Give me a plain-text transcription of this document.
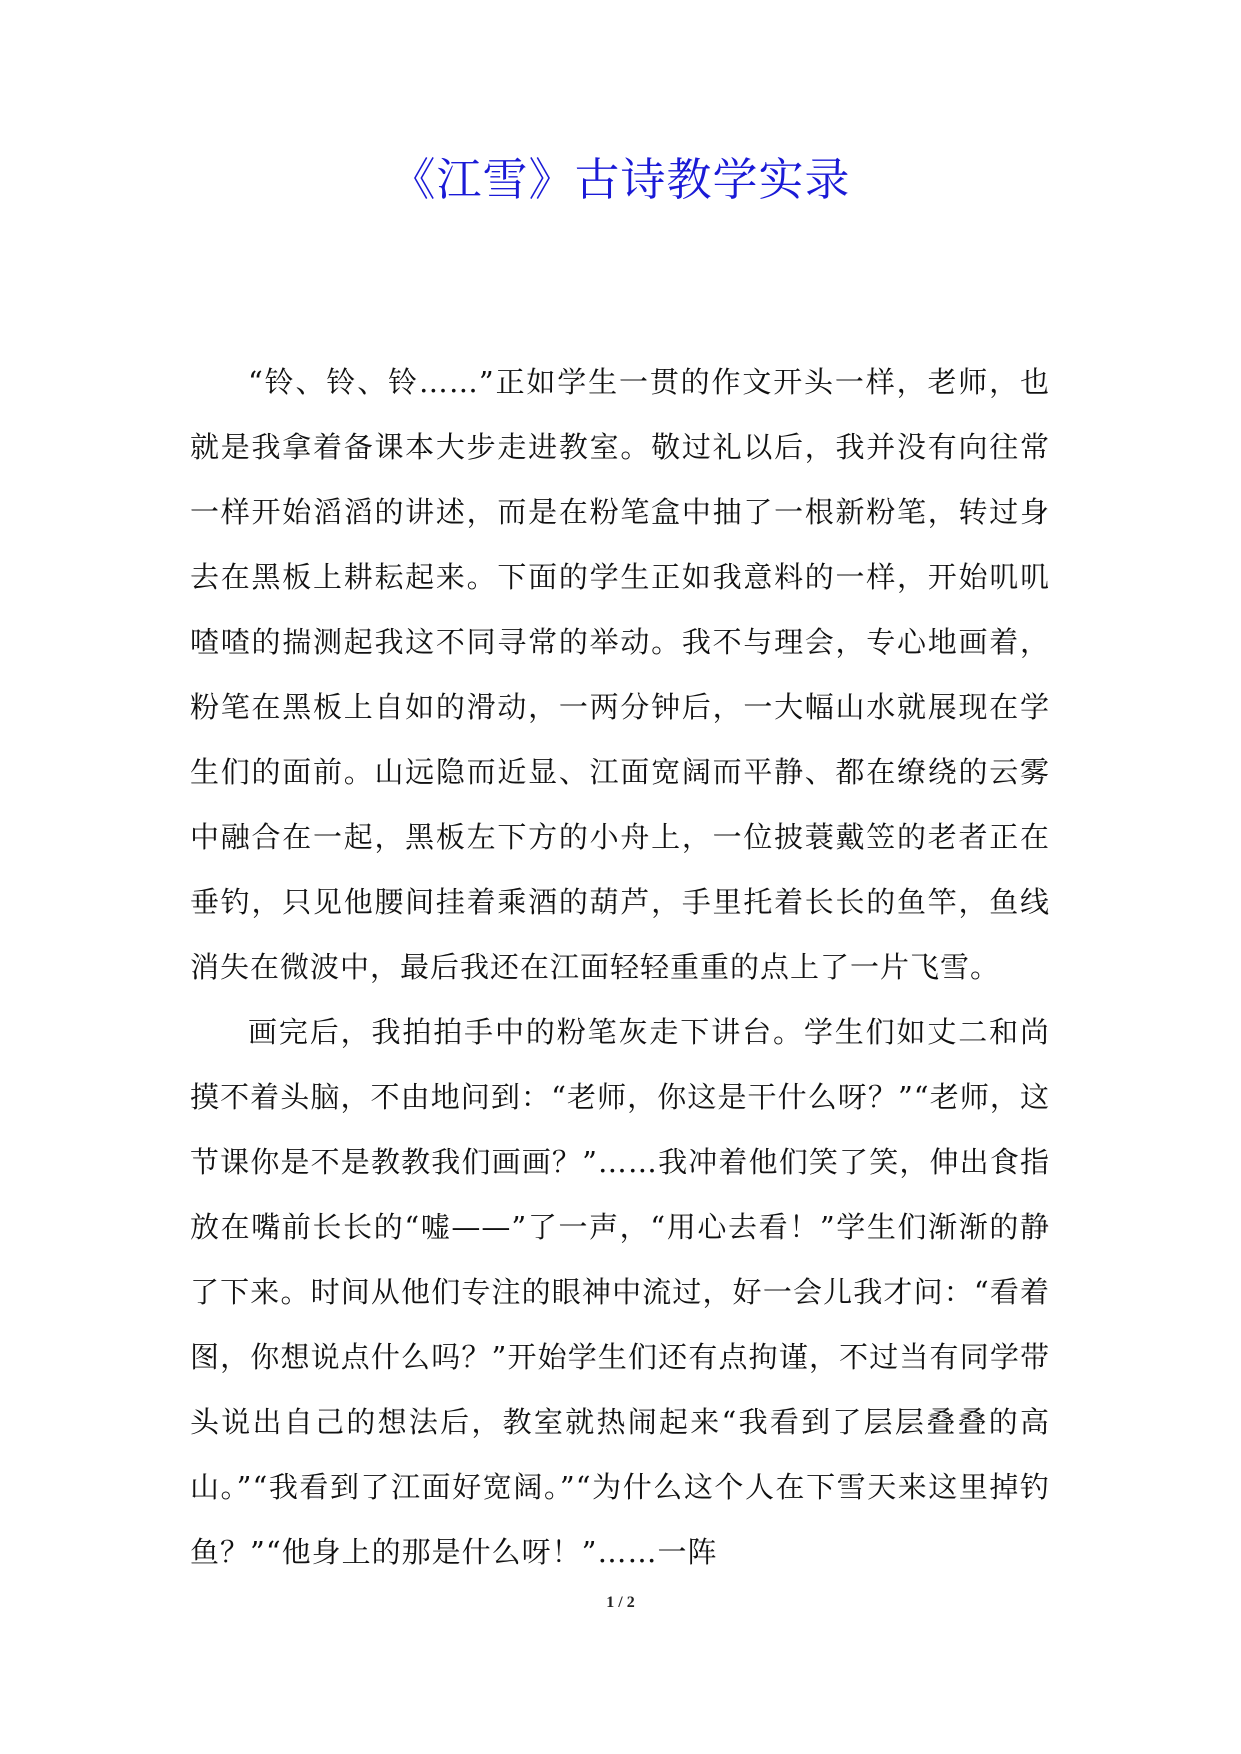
《江雪》古诗教学实录

“铃、铃、铃……”正如学生一贯的作文开头一样，老师，也就是我拿着备课本大步走进教室。敬过礼以后，我并没有向往常一样开始滔滔的讲述，而是在粉笔盒中抽了一根新粉笔，转过身去在黑板上耕耘起来。下面的学生正如我意料的一样，开始叽叽喳喳的揣测起我这不同寻常的举动。我不与理会，专心地画着，粉笔在黑板上自如的滑动，一两分钟后，一大幅山水就展现在学生们的面前。山远隐而近显、江面宽阔而平静、都在缭绕的云雾中融合在一起，黑板左下方的小舟上，一位披蓑戴笠的老者正在垂钓，只见他腰间挂着乘酒的葫芦，手里托着长长的鱼竿，鱼线消失在微波中，最后我还在江面轻轻重重的点上了一片飞雪。

画完后，我拍拍手中的粉笔灰走下讲台。学生们如丈二和尚摸不着头脑，不由地问到：“老师，你这是干什么呀？”“老师，这节课你是不是教教我们画画？”……我冲着他们笑了笑，伸出食指放在嘴前长长的“嘘——”了一声，“用心去看！”学生们渐渐的静了下来。时间从他们专注的眼神中流过，好一会儿我才问：“看着图，你想说点什么吗？”开始学生们还有点拘谨，不过当有同学带头说出自己的想法后，教室就热闹起来“我看到了层层叠叠的高山。”“我看到了江面好宽阔。”“为什么这个人在下雪天来这里掉钓鱼？”“他身上的那是什么呀！”……一阵

1 / 2
